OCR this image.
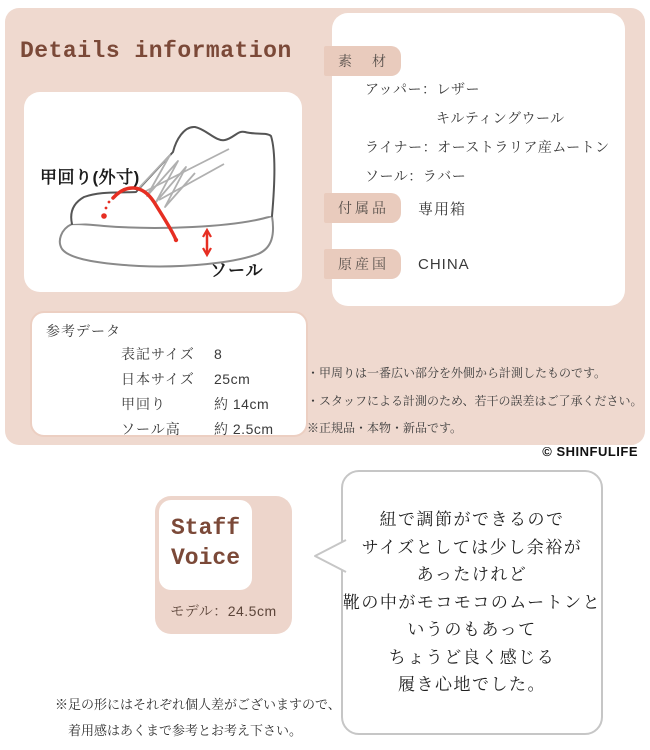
Details information
甲回り(外寸)
ソール
参考データ
表記サイズ	8
日本サイズ	25cm
甲回り	約 14cm
ソール高	約 2.5cm
素　材
アッパー：レザー
キルティングウール
ライナー：オーストラリア産ムートン
ソール：ラバー
付属品	専用箱
原産国	CHINA
・甲周りは一番広い部分を外側から計測したものです。
・スタッフによる計測のため、若干の誤差はご了承ください。
※正規品・本物・新品です。
© SHINFULIFE
Staff
Voice
モデル：24.5cm
紐で調節ができるので
サイズとしては少し余裕が
あったけれど
靴の中がモコモコのムートンと
いうのもあって
ちょうど良く感じる
履き心地でした。
※足の形にはそれぞれ個人差がございますので、
着用感はあくまで参考とお考え下さい。
